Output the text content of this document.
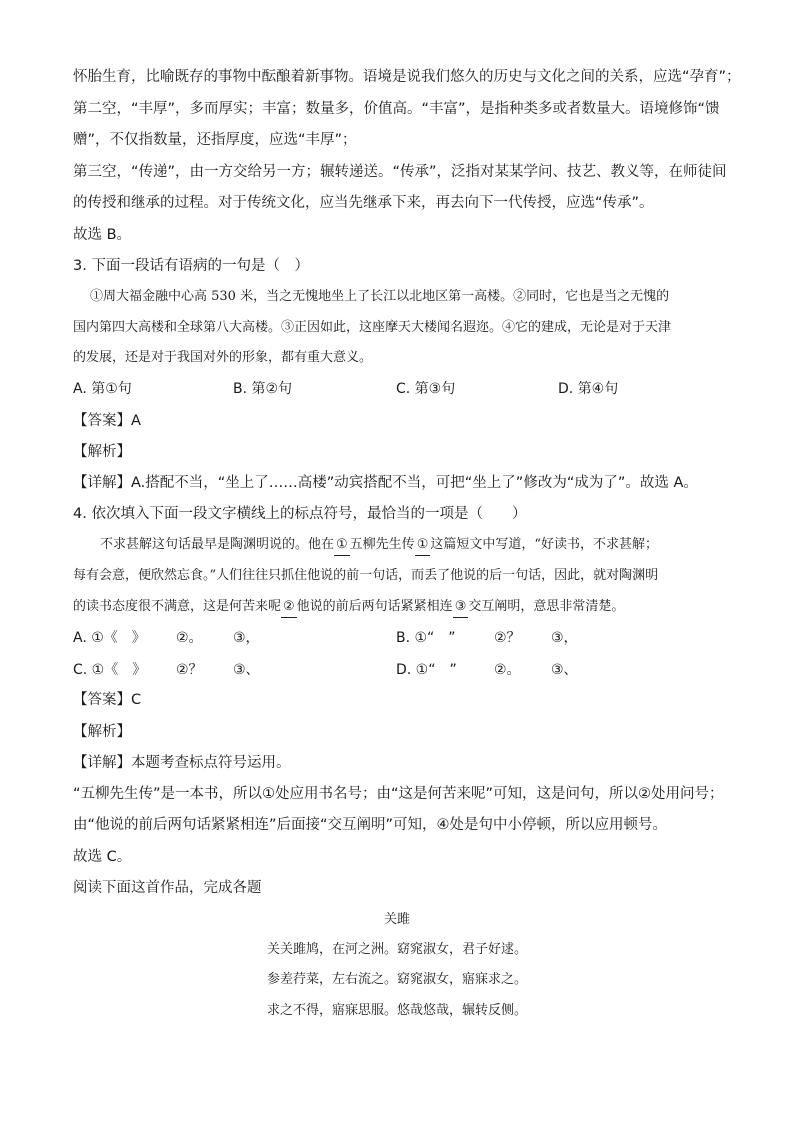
怀胎生育，比喻既存的事物中酝酿着新事物。语境是说我们悠久的历史与文化之间的关系，应选“孕育”；
第二空，“丰厚”，多而厚实；丰富；数量多，价值高。“丰富”，是指种类多或者数量大。语境修饰“馈
赠”，不仅指数量，还指厚度，应选“丰厚”；
第三空，“传递”，由一方交给另一方；辗转递送。“传承”，泛指对某某学问、技艺、教义等，在师徒间
的传授和继承的过程。对于传统文化，应当先继承下来，再去向下一代传授，应选“传承”。
故选 B。
3. 下面一段话有语病的一句是（　）
①周大福金融中心高 530 米，当之无愧地坐上了长江以北地区第一高楼。②同时，它也是当之无愧的
国内第四大高楼和全球第八大高楼。③正因如此，这座摩天大楼闻名遐迩。④它的建成，无论是对于天津
的发展，还是对于我国对外的形象，都有重大意义。
A. 第①句	B. 第②句	C. 第③句	D. 第④句
【答案】A
【解析】
【详解】A.搭配不当，“坐上了……高楼”动宾搭配不当，可把“坐上了”修改为“成为了”。故选 A。
4. 依次填入下面一段文字横线上的标点符号，最恰当的一项是（　　）
不求甚解这句话最早是陶渊明说的。他在 ① 五柳先生传 ① 这篇短文中写道，“好读书，不求甚解；
每有会意，便欣然忘食。”人们往往只抓住他说的前一句话，而丢了他说的后一句话，因此，就对陶渊明
的读书态度很不满意，这是何苦来呢 ② 他说的前后两句话紧紧相连 ③ 交互阐明，意思非常清楚。
A. ①《　》 ②。 ③，	B. ①“　”	②？ ③，
C. ①《　》 ②？ ③、	D. ①“　”	②。 ③、
【答案】C
【解析】
【详解】本题考查标点符号运用。
“五柳先生传”是一本书，所以①处应用书名号；由“这是何苦来呢”可知，这是问句，所以②处用问号；
由“他说的前后两句话紧紧相连”后面接“交互阐明”可知，④处是句中小停顿，所以应用顿号。
故选 C。
阅读下面这首作品，完成各题
关雎
关关雎鸠，在河之洲。窈窕淑女，君子好逑。
参差荇菜，左右流之。窈窕淑女，寤寐求之。
求之不得，寤寐思服。悠哉悠哉，辗转反侧。
